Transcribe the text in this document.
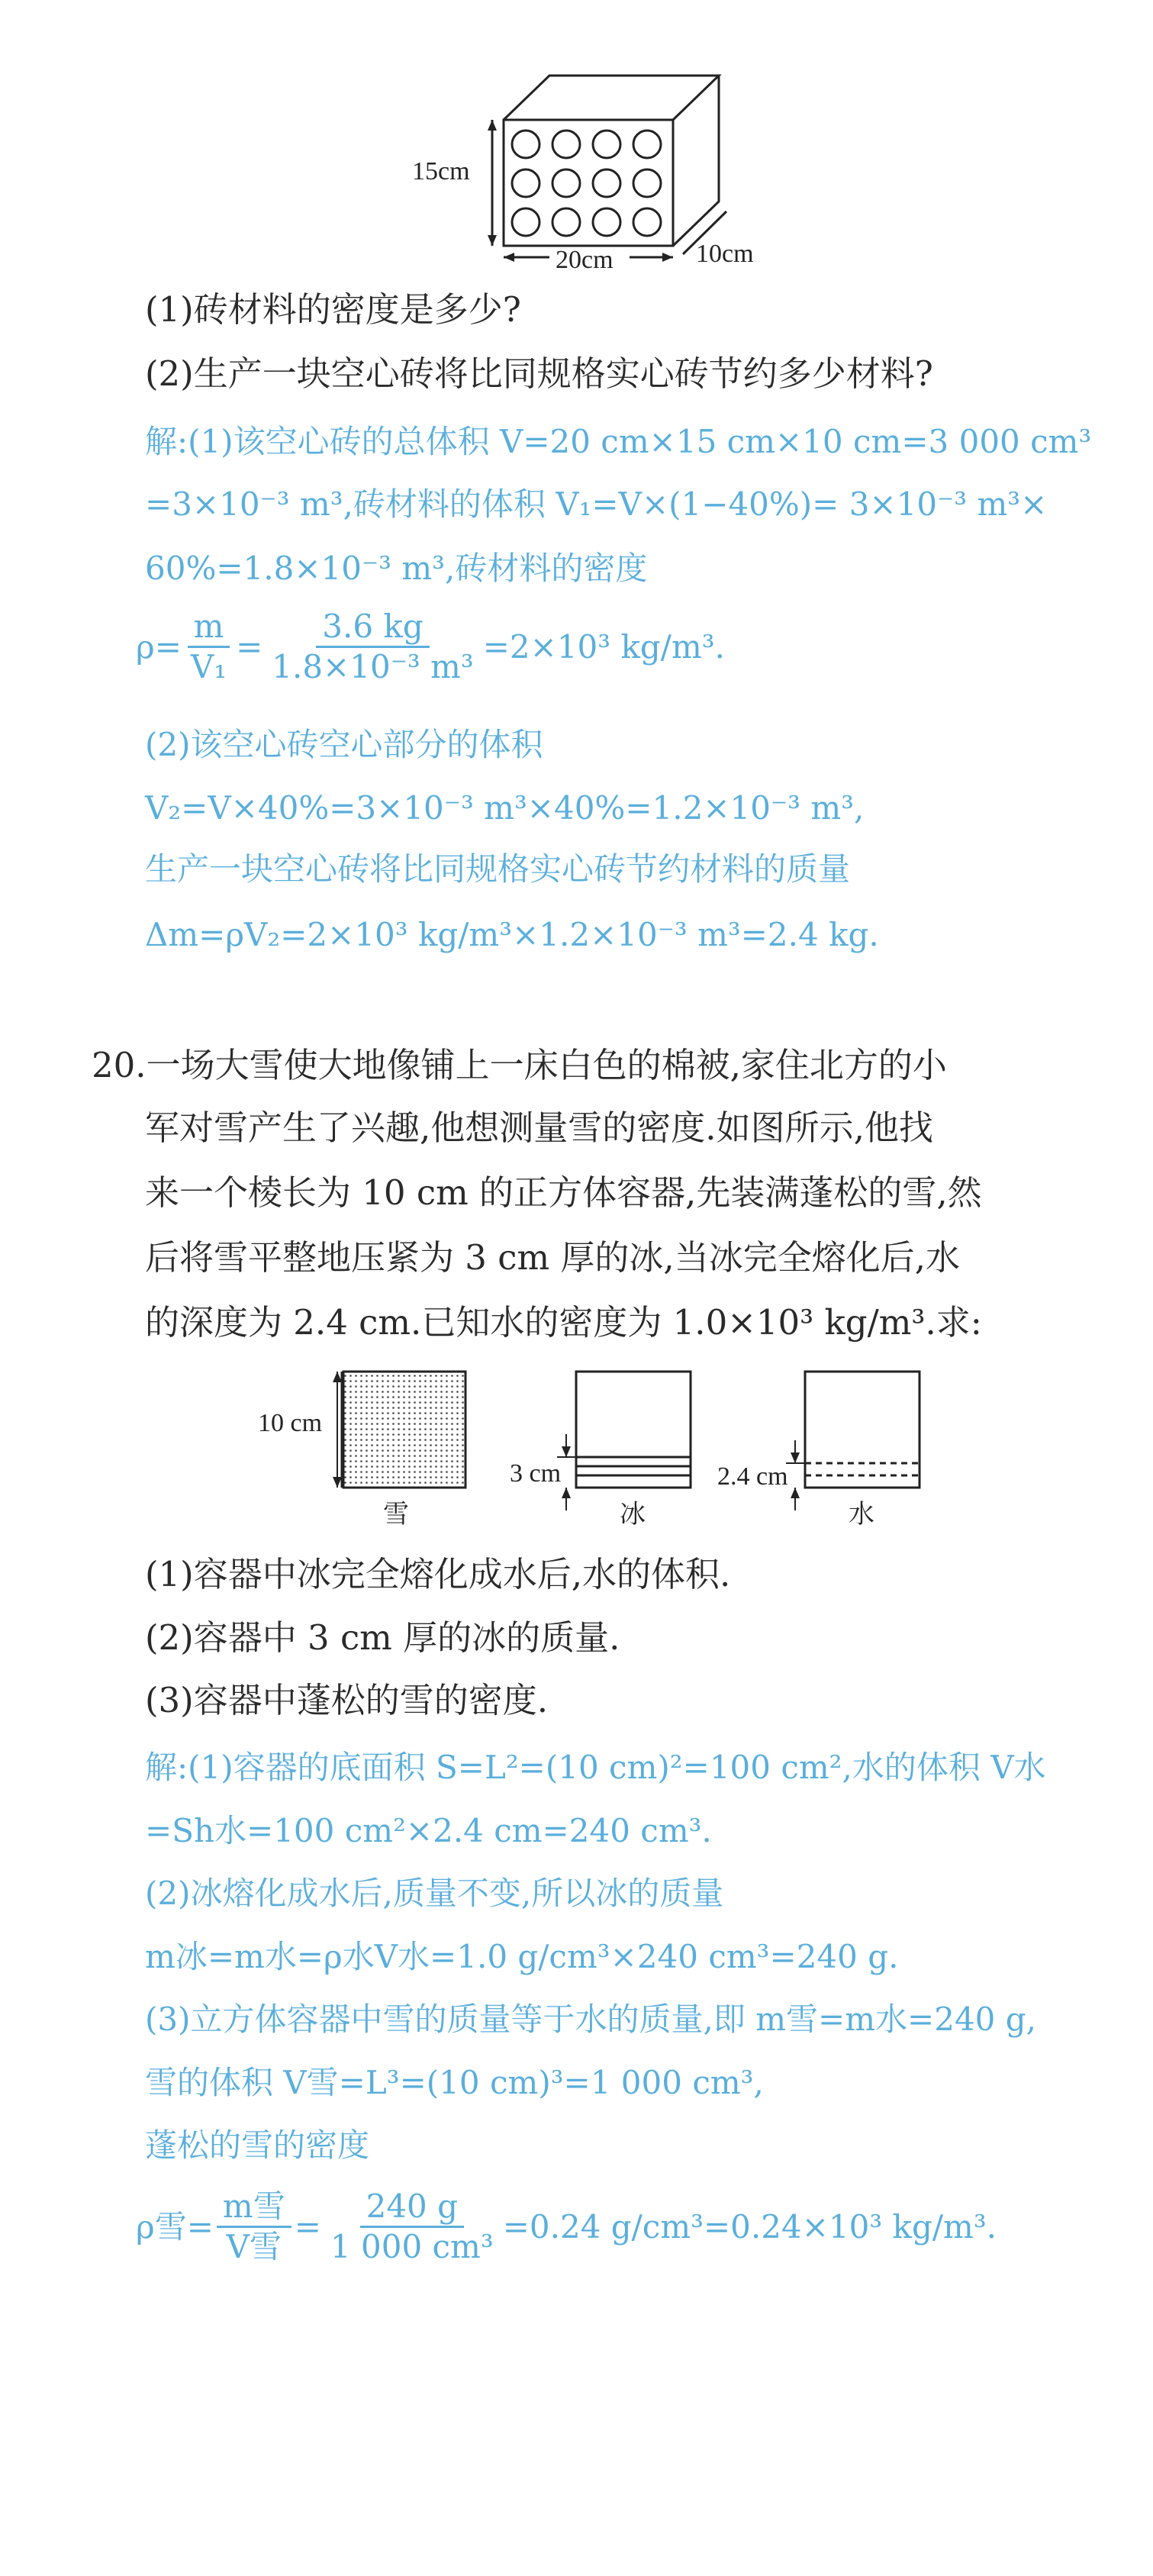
15cm
20cm	10cm
(1)砖材料的密度是多少?
(2)生产一块空心砖将比同规格实心砖节约多少材料?
解:(1)该空心砖的总体积 V=20 cm×15 cm×10 cm=3 000 cm³
=3×10⁻³ m³,砖材料的体积 V₁=V×(1−40%)= 3×10⁻³ m³×
60%=1.8×10⁻³ m³,砖材料的密度
$\rho= \frac{m}{\text{V₁}} = \frac{3.6 kg}{\text{1.8×10⁻³ m³}} =2\times 10^3$ kg/m³.
(2)该空心砖空心部分的体积
V₂=V×40%=3×10⁻³ m³×40%=1.2×10⁻³ m³,
生产一块空心砖将比同规格实心砖节约材料的质量
Δm=ρV₂=2×10³ kg/m³×1.2×10⁻³ m³=2.4 kg.
20.一场大雪使大地像铺上一床白色的棉被,家住北方的小
军对雪产生了兴趣,他想测量雪的密度.如图所示,他找
来一个棱长为 10 cm 的正方体容器,先装满蓬松的雪,然
后将雪平整地压紧为 3 cm 厚的冰,当冰完全熔化后,水
的深度为 2.4 cm.已知水的密度为 1.0×10³ kg/m³.求:
10 cm
雪
3 cm
冰
2.4 cm
水
(1)容器中冰完全熔化成水后,水的体积.
(2)容器中 3 cm 厚的冰的质量.
(3)容器中蓬松的雪的密度.
解:(1)容器的底面积 S=L²=(10 cm)²=100 cm²,水的体积 V水
=Sh水=100 cm²×2.4 cm=240 cm³.
(2)冰熔化成水后,质量不变,所以冰的质量
m冰=m水=ρ水V水=1.0 g/cm³×240 cm³=240 g.
(3)立方体容器中雪的质量等于水的质量,即 m雪=m水=240 g,
雪的体积 V雪=L³=(10 cm)³=1 000 cm³,
蓬松的雪的密度
ρ雪= $\frac{\text{m雪}}{\text{V雪}} = \frac{240 g}{\text{1 000 cm³}} =0.24$ g/cm³=0.24×10³ kg/m³.
